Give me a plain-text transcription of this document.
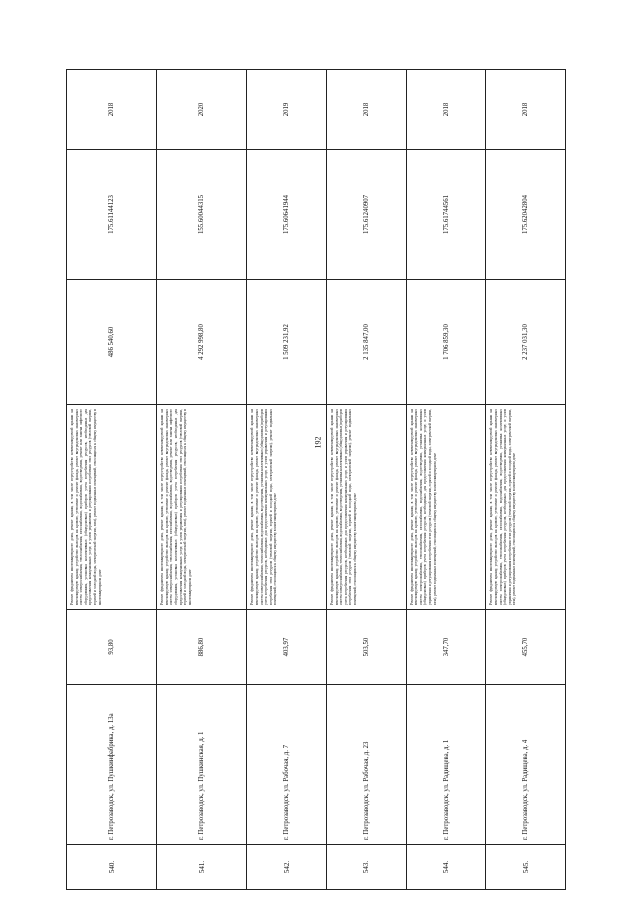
192
540.	г. Петрозаводск, ул. Пушкинфабрика, д. 13а	93,80	Ремонт фундамента многоквартирного дома, ремонт крыши, в том числе переустройство невентилируемой крыши на вентилируемую крышу, устройство выходов на кровлю, утепление и ремонт фасада, ремонт внутридомовых инженерных систем электроснабжения, теплоснабжения, газоснабжения, водоснабжения, водоотведения, ремонт или замена лифтового оборудования, установка коллективных (общедомовых) приборов учета потребления ресурсов, необходимых для предоставления коммунальных услуг, и узлов управления и регулирования потребления этих ресурсов (тепловой энергии, горячей и холодной воды, электрической энергии, газа), ремонт подвальных помещений, относящихся к общему имуществу в многоквартирном доме	486 540,60	175.61144123	2018
541.	г. Петрозаводск, ул. Пушкинская, д. 1	886,80	Ремонт фундамента многоквартирного дома, ремонт крыши, в том числе переустройство невентилируемой крыши на вентилируемую крышу, устройство выходов на кровлю, утепление и ремонт фасада, ремонт внутридомовых инженерных систем электроснабжения, теплоснабжения, газоснабжения, водоснабжения, водоотведения, ремонт или замена лифтового оборудования, установка коллективных (общедомовых) приборов учета потребления ресурсов, необходимых для предоставления коммунальных услуг, и узлов управления и регулирования потребления этих ресурсов (тепловой энергии, горячей и холодной воды, электрической энергии, газа), ремонт подвальных помещений, относящихся к общему имуществу в многоквартирном доме	4 292 998,80	155.60044315	2020
542.	г. Петрозаводск, ул. Рабочая, д. 7	403,97	Ремонт фундамента многоквартирного дома, ремонт крыши, в том числе переустройство невентилируемой крыши на вентилируемую крышу, устройство выходов на кровлю, утепление и ремонт фасада, ремонт внутридомовых инженерных систем электроснабжения, теплоснабжения, водоснабжения, водоотведения, установка коллективных (общедомовых) приборов учета потребления ресурсов, необходимых для предоставления коммунальных услуг, и узлов управления и регулирования потребления этих ресурсов (тепловой энергии, горячей и холодной воды, электрической энергии), ремонт подвальных помещений, относящихся к общему имуществу в многоквартирном доме	1 509 231,92	175.60641944	2019
543.	г. Петрозаводск, ул. Рабочая, д. 23	503,50	Ремонт фундамента многоквартирного дома, ремонт крыши, в том числе переустройство невентилируемой крыши на вентилируемую крышу, устройство выходов на кровлю, утепление и ремонт фасада, ремонт внутридомовых инженерных систем электроснабжения, теплоснабжения, водоснабжения, водоотведения, установка коллективных (общедомовых) приборов учета потребления ресурсов, необходимых для предоставления коммунальных услуг, и узлов управления и регулирования потребления этих ресурсов (тепловой энергии, горячей и холодной воды, электрической энергии), ремонт подвальных помещений, относящихся к общему имуществу в многоквартирном доме	2 135 847,00	175.61240907	2018
544.	г. Петрозаводск, ул. Радищева, д. 1	347,70	Ремонт фундамента многоквартирного дома, ремонт крыши, в том числе переустройство невентилируемой крыши на вентилируемую крышу, устройство выходов на кровлю, утепление и ремонт фасада, ремонт внутридомовых инженерных систем электроснабжения, теплоснабжения, газоснабжения, водоснабжения, водоотведения, установка коллективных (общедомовых) приборов учета потребления ресурсов, необходимых для предоставления коммунальных услуг, и узлов управления и регулирования потребления этих ресурсов (тепловой энергии, горячей и холодной воды, электрической энергии, газа), ремонт подвальных помещений, относящихся к общему имуществу в многоквартирном доме	1 706 859,30	175.61744561	2018
545.	г. Петрозаводск, ул. Радищева, д. 4	455,70	Ремонт фундамента многоквартирного дома, ремонт крыши, в том числе переустройство невентилируемой крыши на вентилируемую крышу, устройство выходов на кровлю, утепление и ремонт фасада, ремонт внутридомовых инженерных систем электроснабжения, теплоснабжения, газоснабжения, водоснабжения, водоотведения, установка коллективных (общедомовых) приборов учета потребления ресурсов, необходимых для предоставления коммунальных услуг, и узлов управления и регулирования потребления этих ресурсов (тепловой энергии, горячей и холодной воды, электрической энергии, газа), ремонт подвальных помещений, относящихся к общему имуществу в многоквартирном доме	2 237 031,30	175.62042804	2018
